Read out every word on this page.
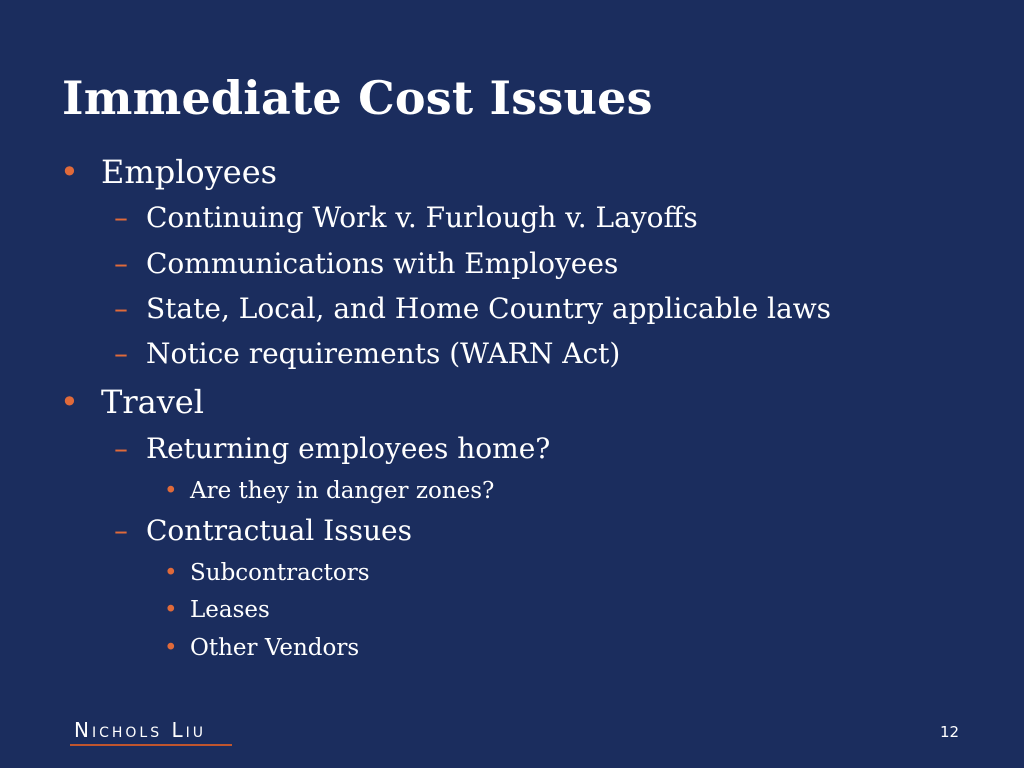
Immediate Cost Issues
• Employees
– Continuing Work v. Furlough v. Layoffs
– Communications with Employees
– State, Local, and Home Country applicable laws
– Notice requirements (WARN Act)
• Travel
– Returning employees home?
• Are they in danger zones?
– Contractual Issues
• Subcontractors
• Leases
• Other Vendors
Nichols Liu	12
